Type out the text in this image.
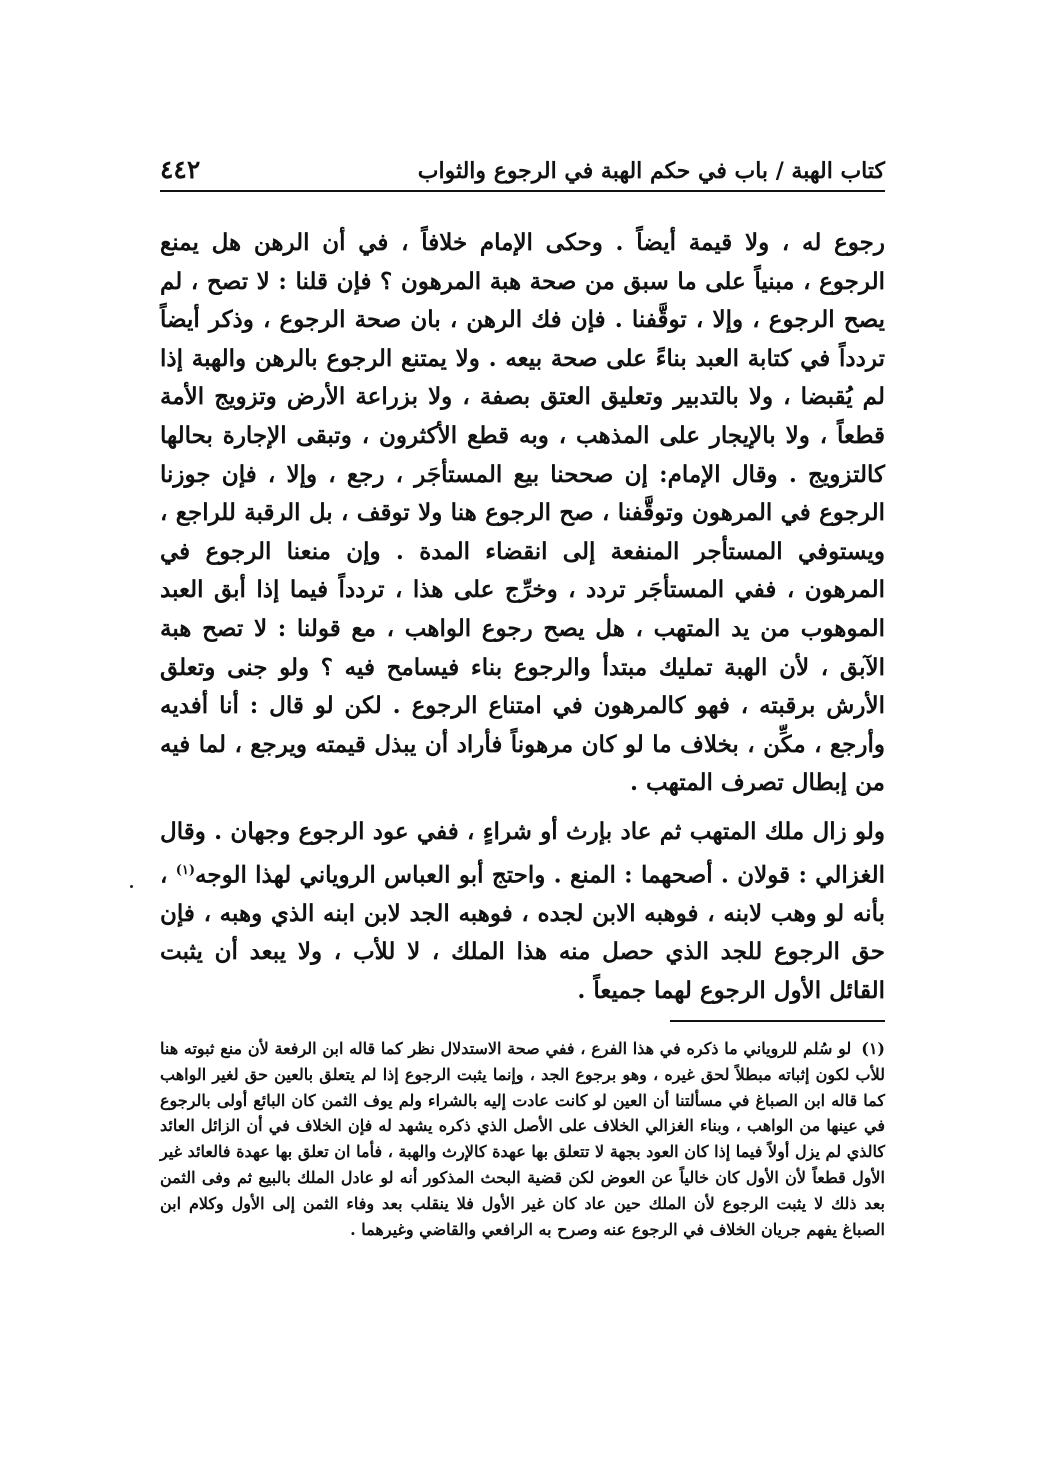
٤٤٢	كتاب الهبة / باب في حكم الهبة في الرجوع والثواب

رجوع له ، ولا قيمة أيضاً . وحكى الإمام خلافاً ، في أن الرهن هل يمنع الرجوع ، مبنياً على ما سبق من صحة هبة المرهون ؟ فإن قلنا : لا تصح ، لم يصح الرجوع ، وإلا ، توقَّفنا . فإن فك الرهن ، بان صحة الرجوع ، وذكر أيضاً تردداً في كتابة العبد بناءً على صحة بيعه . ولا يمتنع الرجوع بالرهن والهبة إذا لم يُقبضا ، ولا بالتدبير وتعليق العتق بصفة ، ولا بزراعة الأرض وتزويج الأمة قطعاً ، ولا بالإيجار على المذهب ، وبه قطع الأكثرون ، وتبقى الإجارة بحالها كالتزويج . وقال الإمام: إن صححنا بيع المستأجَر ، رجع ، وإلا ، فإن جوزنا الرجوع في المرهون وتوقَّفنا ، صح الرجوع هنا ولا توقف ، بل الرقبة للراجع ، ويستوفي المستأجر المنفعة إلى انقضاء المدة . وإن منعنا الرجوع في المرهون ، ففي المستأجَر تردد ، وخرِّج على هذا ، تردداً فيما إذا أبق العبد الموهوب من يد المتهب ، هل يصح رجوع الواهب ، مع قولنا : لا تصح هبة الآبق ، لأن الهبة تمليك مبتدأ والرجوع بناء فيسامح فيه ؟ ولو جنى وتعلق الأرش برقبته ، فهو كالمرهون في امتناع الرجوع . لكن لو قال : أنا أفديه وأرجع ، مكِّن ، بخلاف ما لو كان مرهوناً فأراد أن يبذل قيمته ويرجع ، لما فيه من إبطال تصرف المتهب .

ولو زال ملك المتهب ثم عاد بإرث أو شراءٍ ، ففي عود الرجوع وجهان . وقال الغزالي : قولان . أصحهما : المنع . واحتج أبو العباس الروياني لهذا الوجه$^{(١)}$ ، بأنه لو وهب لابنه ، فوهبه الابن لجده ، فوهبه الجد لابن ابنه الذي وهبه ، فإن حق الرجوع للجد الذي حصل منه هذا الملك ، لا للأب ، ولا يبعد أن يثبت القائل الأول الرجوع لهما جميعاً .

(١)لو سُلم للروياني ما ذكره في هذا الفرع ، ففي صحة الاستدلال نظر كما قاله ابن الرفعة لأن منع ثبوته هنا للأب لكون إثباته مبطلاً لحق غيره ، وهو برجوع الجد ، وإنما يثبت الرجوع إذا لم يتعلق بالعين حق لغير الواهب كما قاله ابن الصباغ في مسألتنا أن العين لو كانت عادت إليه بالشراء ولم يوف الثمن كان البائع أولى بالرجوع في عينها من الواهب ، وبناء الغزالي الخلاف على الأصل الذي ذكره يشهد له فإن الخلاف في أن الزائل العائد كالذي لم يزل أولاً فيما إذا كان العود بجهة لا تتعلق بها عهدة كالإرث والهبة ، فأما ان تعلق بها عهدة فالعائد غير الأول قطعاً لأن الأول كان خالياً عن العوض لكن قضية البحث المذكور أنه لو عادل الملك بالبيع ثم وفى الثمن بعد ذلك لا يثبت الرجوع لأن الملك حين عاد كان غير الأول فلا ينقلب بعد وفاء الثمن إلى الأول وكلام ابن الصباغ يفهم جريان الخلاف في الرجوع عنه وصرح به الرافعي والقاضي وغيرهما .
